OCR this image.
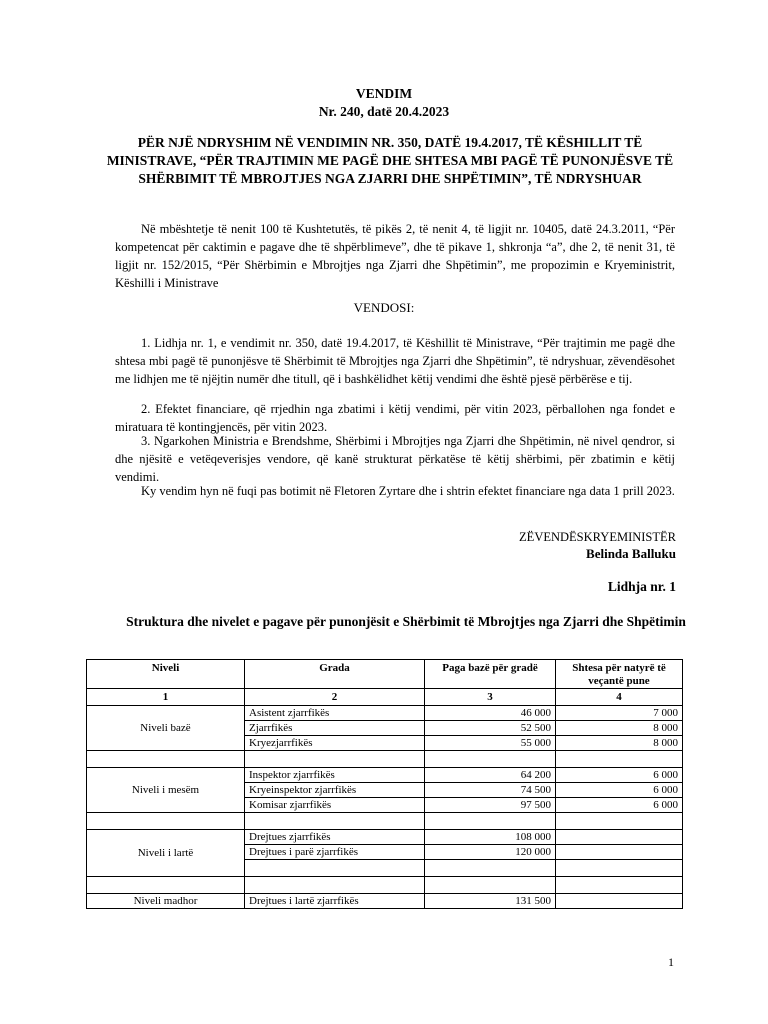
VENDIM
Nr. 240, datë 20.4.2023
PËR NJË NDRYSHIM NË VENDIMIN NR. 350, DATË 19.4.2017, TË KËSHILLIT TË MINISTRAVE, “PËR TRAJTIMIN ME PAGË DHE SHTESA MBI PAGË TË PUNONJËSVE TË SHËRBIMIT TË MBROJTJES NGA ZJARRI DHE SHPËTIMIN”, TË NDRYSHUAR
Në mbështetje të nenit 100 të Kushtetutës, të pikës 2, të nenit 4, të ligjit nr. 10405, datë 24.3.2011, “Për kompetencat për caktimin e pagave dhe të shpërblimeve”, dhe të pikave 1, shkronja “a”, dhe 2, të nenit 31, të ligjit nr. 152/2015, “Për Shërbimin e Mbrojtjes nga Zjarri dhe Shpëtimin”, me propozimin e Kryeministrit, Këshilli i Ministrave
VENDOSI:
1. Lidhja nr. 1, e vendimit nr. 350, datë 19.4.2017, të Këshillit të Ministrave, “Për trajtimin me pagë dhe shtesa mbi pagë të punonjësve të Shërbimit të Mbrojtjes nga Zjarri dhe Shpëtimin”, të ndryshuar, zëvendësohet me lidhjen me të njëjtin numër dhe titull, që i bashkëlidhet këtij vendimi dhe është pjesë përbërëse e tij.
2. Efektet financiare, që rrjedhin nga zbatimi i këtij vendimi, për vitin 2023, përballohen nga fondet e miratuara të kontingjencës, për vitin 2023.
3. Ngarkohen Ministria e Brendshme, Shërbimi i Mbrojtjes nga Zjarri dhe Shpëtimin, në nivel qendror, si dhe njësitë e vetëqeverisjes vendore, që kanë strukturat përkatëse të këtij shërbimi, për zbatimin e këtij vendimi.
Ky vendim hyn në fuqi pas botimit në Fletoren Zyrtare dhe i shtrin efektet financiare nga data 1 prill 2023.
ZËVENDËSKRYEMINISTËR
Belinda Balluku
Lidhja nr. 1
Struktura dhe nivelet e pagave për punonjësit e Shërbimit të Mbrojtjes nga Zjarri dhe Shpëtimin
Niveli	Grada	Paga bazë për gradë	Shtesa për natyrë të veçantë pune
1	2	3	4
Niveli bazë	Asistent zjarrfikës	46 000	7 000
	Zjarrfikës	52 500	8 000
	Kryezjarrfikës	55 000	8 000

Niveli i mesëm	Inspektor zjarrfikës	64 200	6 000
	Kryeinspektor zjarrfikës	74 500	6 000
	Komisar zjarrfikës	97 500	6 000

Niveli i lartë	Drejtues zjarrfikës	108 000	
	Drejtues i parë zjarrfikës	120 000	

Niveli madhor	Drejtues i lartë zjarrfikës	131 500	
1
